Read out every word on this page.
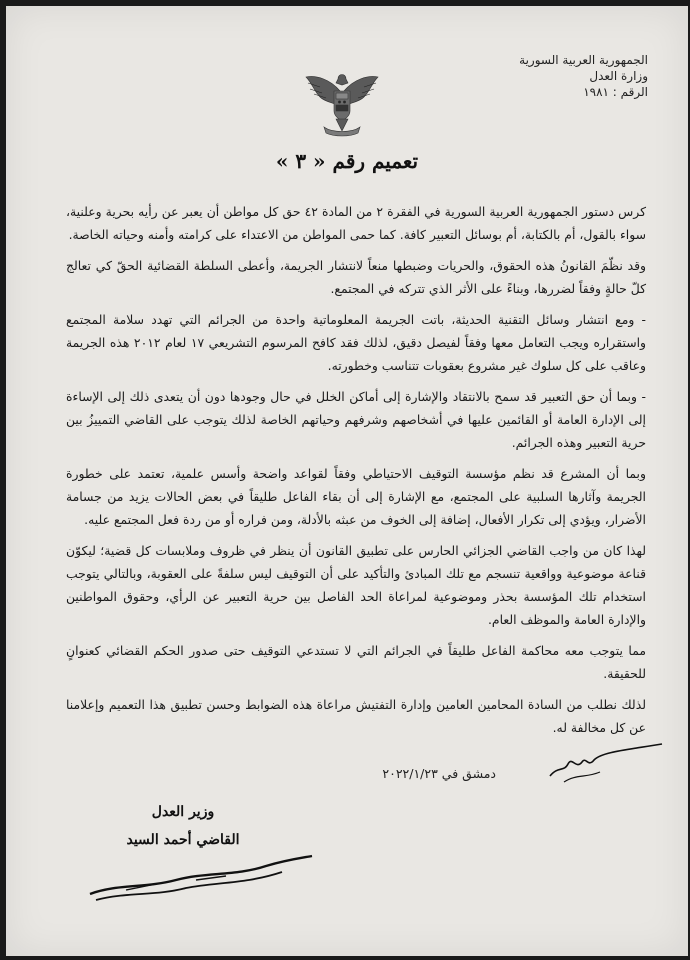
الجمهورية العربية السورية
وزارة العدل
الرقم : ١٩٨١
تعميم رقم « ٣ »

كرس دستور الجمهورية العربية السورية في الفقرة ٢ من المادة ٤٢ حق كل مواطن أن يعبر عن رأيه بحرية وعلنية، سواء بالقول، أم بالكتابة، أم بوسائل التعبير كافة. كما حمى المواطن من الاعتداء على كرامته وأمنه وحياته الخاصة.

وقد نظّمَ القانونُ هذه الحقوق، والحريات وضبطها منعاً لانتشار الجريمة، وأعطى السلطة القضائية الحقّ كي تعالج كلّ حالةٍ وفقاً لضررها، وبناءً على الأثر الذي تتركه في المجتمع.

- ومع انتشار وسائل التقنية الحديثة، باتت الجريمة المعلوماتية واحدة من الجرائم التي تهدد سلامة المجتمع واستقراره ويجب التعامل معها وفقاً لفيصل دقيق، لذلك فقد كافح المرسوم التشريعي ١٧ لعام ٢٠١٢ هذه الجريمة وعاقب على كل سلوك غير مشروع بعقوبات تتناسب وخطورته.

- وبما أن حق التعبير قد سمح بالانتقاد والإشارة إلى أماكن الخلل في حال وجودها دون أن يتعدى ذلك إلى الإساءة إلى الإدارة العامة أو القائمين عليها في أشخاصهم وشرفهم وحياتهم الخاصة لذلك يتوجب على القاضي التمييزُ بين حرية التعبير وهذه الجرائم.

وبما أن المشرع قد نظم مؤسسة التوقيف الاحتياطي وفقاً لقواعد واضحة وأسس علمية، تعتمد على خطورة الجريمة وآثارها السلبية على المجتمع، مع الإشارة إلى أن بقاء الفاعل طليقاً في بعض الحالات يزيد من جسامة الأضرار، ويؤدي إلى تكرار الأفعال، إضافة إلى الخوف من عبثه بالأدلة، ومن فراره أو من ردة فعل المجتمع عليه.

لهذا كان من واجب القاضي الجزائي الحارس على تطبيق القانون أن ينظر في ظروف وملابسات كل قضية؛ ليكوّن قناعة موضوعية وواقعية تنسجم مع تلك المبادئ والتأكيد على أن التوقيف ليس سلفةً على العقوبة، وبالتالي يتوجب استخدام تلك المؤسسة بحذر وموضوعية لمراعاة الحد الفاصل بين حرية التعبير عن الرأي، وحقوق المواطنين والإدارة العامة والموظف العام.

مما يتوجب معه محاكمة الفاعل طليقاً في الجرائم التي لا تستدعي التوقيف حتى صدور الحكم القضائي كعنوانٍ للحقيقة.

لذلك نطلب من السادة المحامين العامين وإدارة التفتيش مراعاة هذه الضوابط وحسن تطبيق هذا التعميم وإعلامنا عن كل مخالفة له.

دمشق في ٢٠٢٢/١/٢٣
وزير العدل
القاضي أحمد السيد
